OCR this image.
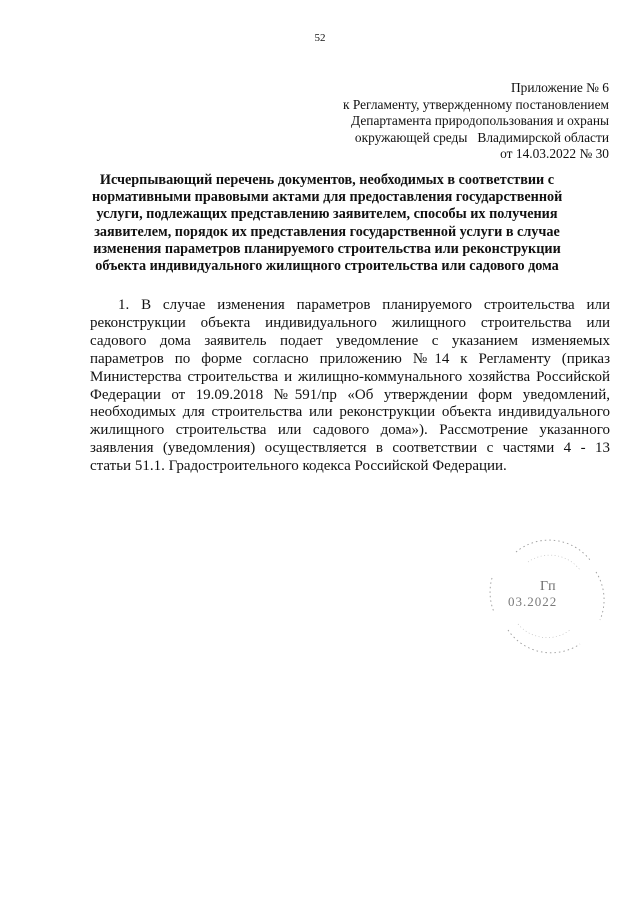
52
Приложение № 6
к Регламенту, утвержденному постановлением
Департамента природопользования и охраны
окружающей среды   Владимирской области
от 14.03.2022 № 30
Исчерпывающий перечень документов, необходимых в соответствии с
нормативными правовыми актами для предоставления государственной
услуги, подлежащих представлению заявителем, способы их получения
заявителем, порядок их представления государственной услуги в случае
изменения параметров планируемого строительства или реконструкции
объекта индивидуального жилищного строительства или садового дома
1. В случае изменения параметров планируемого строительства или
реконструкции объекта индивидуального жилищного строительства или
садового дома заявитель подает уведомление с указанием изменяемых
параметров по форме согласно приложению №14 к Регламенту (приказ
Министерства строительства и жилищно-коммунального хозяйства Российской
Федерации от 19.09.2018 №591/пр «Об утверждении форм уведомлений,
необходимых для строительства или реконструкции объекта индивидуального
жилищного строительства или садового дома»). Рассмотрение указанного
заявления (уведомления) осуществляется в соответствии с частями 4 - 13
статьи 51.1. Градостроительного кодекса Российской Федерации.
Гп
03.2022
